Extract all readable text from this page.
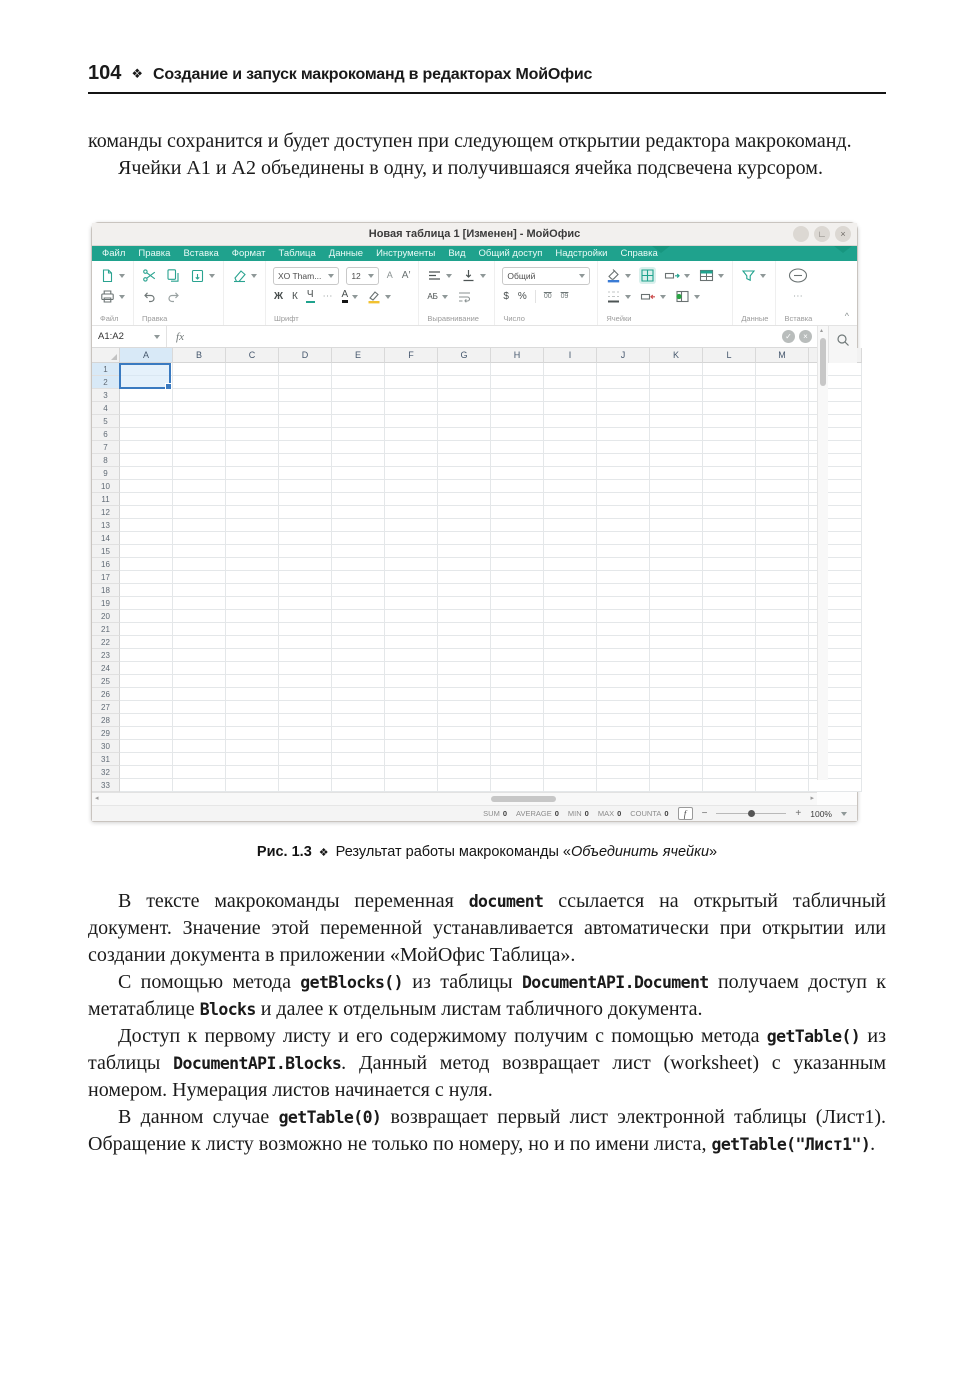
104 ❖ Создание и запуск макрокоманд в редакторах МойОфис

команды сохранится и будет доступен при следующем открытии редактора макрокоманд.

Ячейки A1 и A2 объединены в одну, и получившаяся ячейка подсвечена курсором.

Новая таблица 1 [Изменен] - МойОфис	∟	×
Файл Правка Вставка Формат Таблица Данные Инструменты Вид Общий доступ Надстройки Справка
Файл	Правка
XO Tham...	12	А А′
Ж К Ч ⋯ А
Шрифт
АБ
Выравнивание
Общий
$ % 00 09
Число	Ячейки	Данные
⋯
Вставка	^
A1:A2	fx	✓	×
A	B	C	D	E	F	G	H	I	J	K	L	M
1
2
3
4
5
6
7
8
9
10
11
12
13
14
15
16
17
18
19
20
21
22
23
24
25
26
27
28
29
30
31
32
33
◂	▸
▴
SUM 0 AVERAGE 0 MIN 0 MAX 0 COUNTA 0	f	−	+ 100%
Рис. 1.3 ❖ Результат работы макрокоманды «Объединить ячейки»

В тексте макрокоманды переменная document ссылается на открытый табличный документ. Значение этой переменной устанавливается автоматически при открытии или создании документа в приложении «МойОфис Таблица».

С помощью метода getBlocks() из таблицы DocumentAPI.Document получаем доступ к метатаблице Blocks и далее к отдельным листам табличного документа.

Доступ к первому листу и его содержимому получим с помощью метода getTable() из таблицы DocumentAPI.Blocks. Данный метод возвращает лист (worksheet) с указанным номером. Нумерация листов начинается с нуля.

В данном случае getTable(0) возвращает первый лист электронной таблицы (Лист1). Обращение к листу возможно не только по номеру, но и по имени листа, getTable("Лист1").
